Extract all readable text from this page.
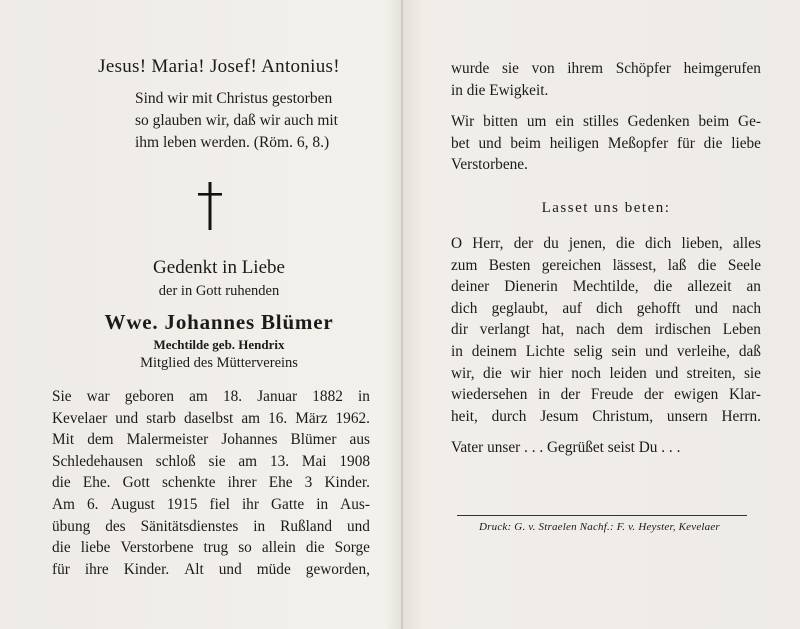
Jesus! Maria! Josef! Antonius!
Sind wir mit Christus gestorben
so glauben wir, daß wir auch mit
ihm leben werden. (Röm. 6, 8.)
Gedenkt in Liebe
der in Gott ruhenden
Wwe. Johannes Blümer
Mechtilde geb. Hendrix
Mitglied des Müttervereins
Sie war geboren am 18. Januar 1882 in
Kevelaer und starb daselbst am 16. März 1962.
Mit dem Malermeister Johannes Blümer aus
Schledehausen schloß sie am 13. Mai 1908
die Ehe. Gott schenkte ihrer Ehe 3 Kinder.
Am 6. August 1915 fiel ihr Gatte in Aus-
übung des Sänitätsdienstes in Rußland und
die liebe Verstorbene trug so allein die Sorge
für ihre Kinder. Alt und müde geworden,
wurde sie von ihrem Schöpfer heimgerufen
in die Ewigkeit.
Wir bitten um ein stilles Gedenken beim Ge-
bet und beim heiligen Meßopfer für die liebe
Verstorbene.
Lasset uns beten:
O Herr, der du jenen, die dich lieben, alles
zum Besten gereichen lässest, laß die Seele
deiner Dienerin Mechtilde, die allezeit an
dich geglaubt, auf dich gehofft und nach
dir verlangt hat, nach dem irdischen Leben
in deinem Lichte selig sein und verleihe, daß
wir, die wir hier noch leiden und streiten, sie
wiedersehen in der Freude der ewigen Klar-
heit, durch Jesum Christum, unsern Herrn.
Vater unser . . . Gegrüßet seist Du . . .
Druck: G. v. Straelen Nachf.: F. v. Heyster, Kevelaer
